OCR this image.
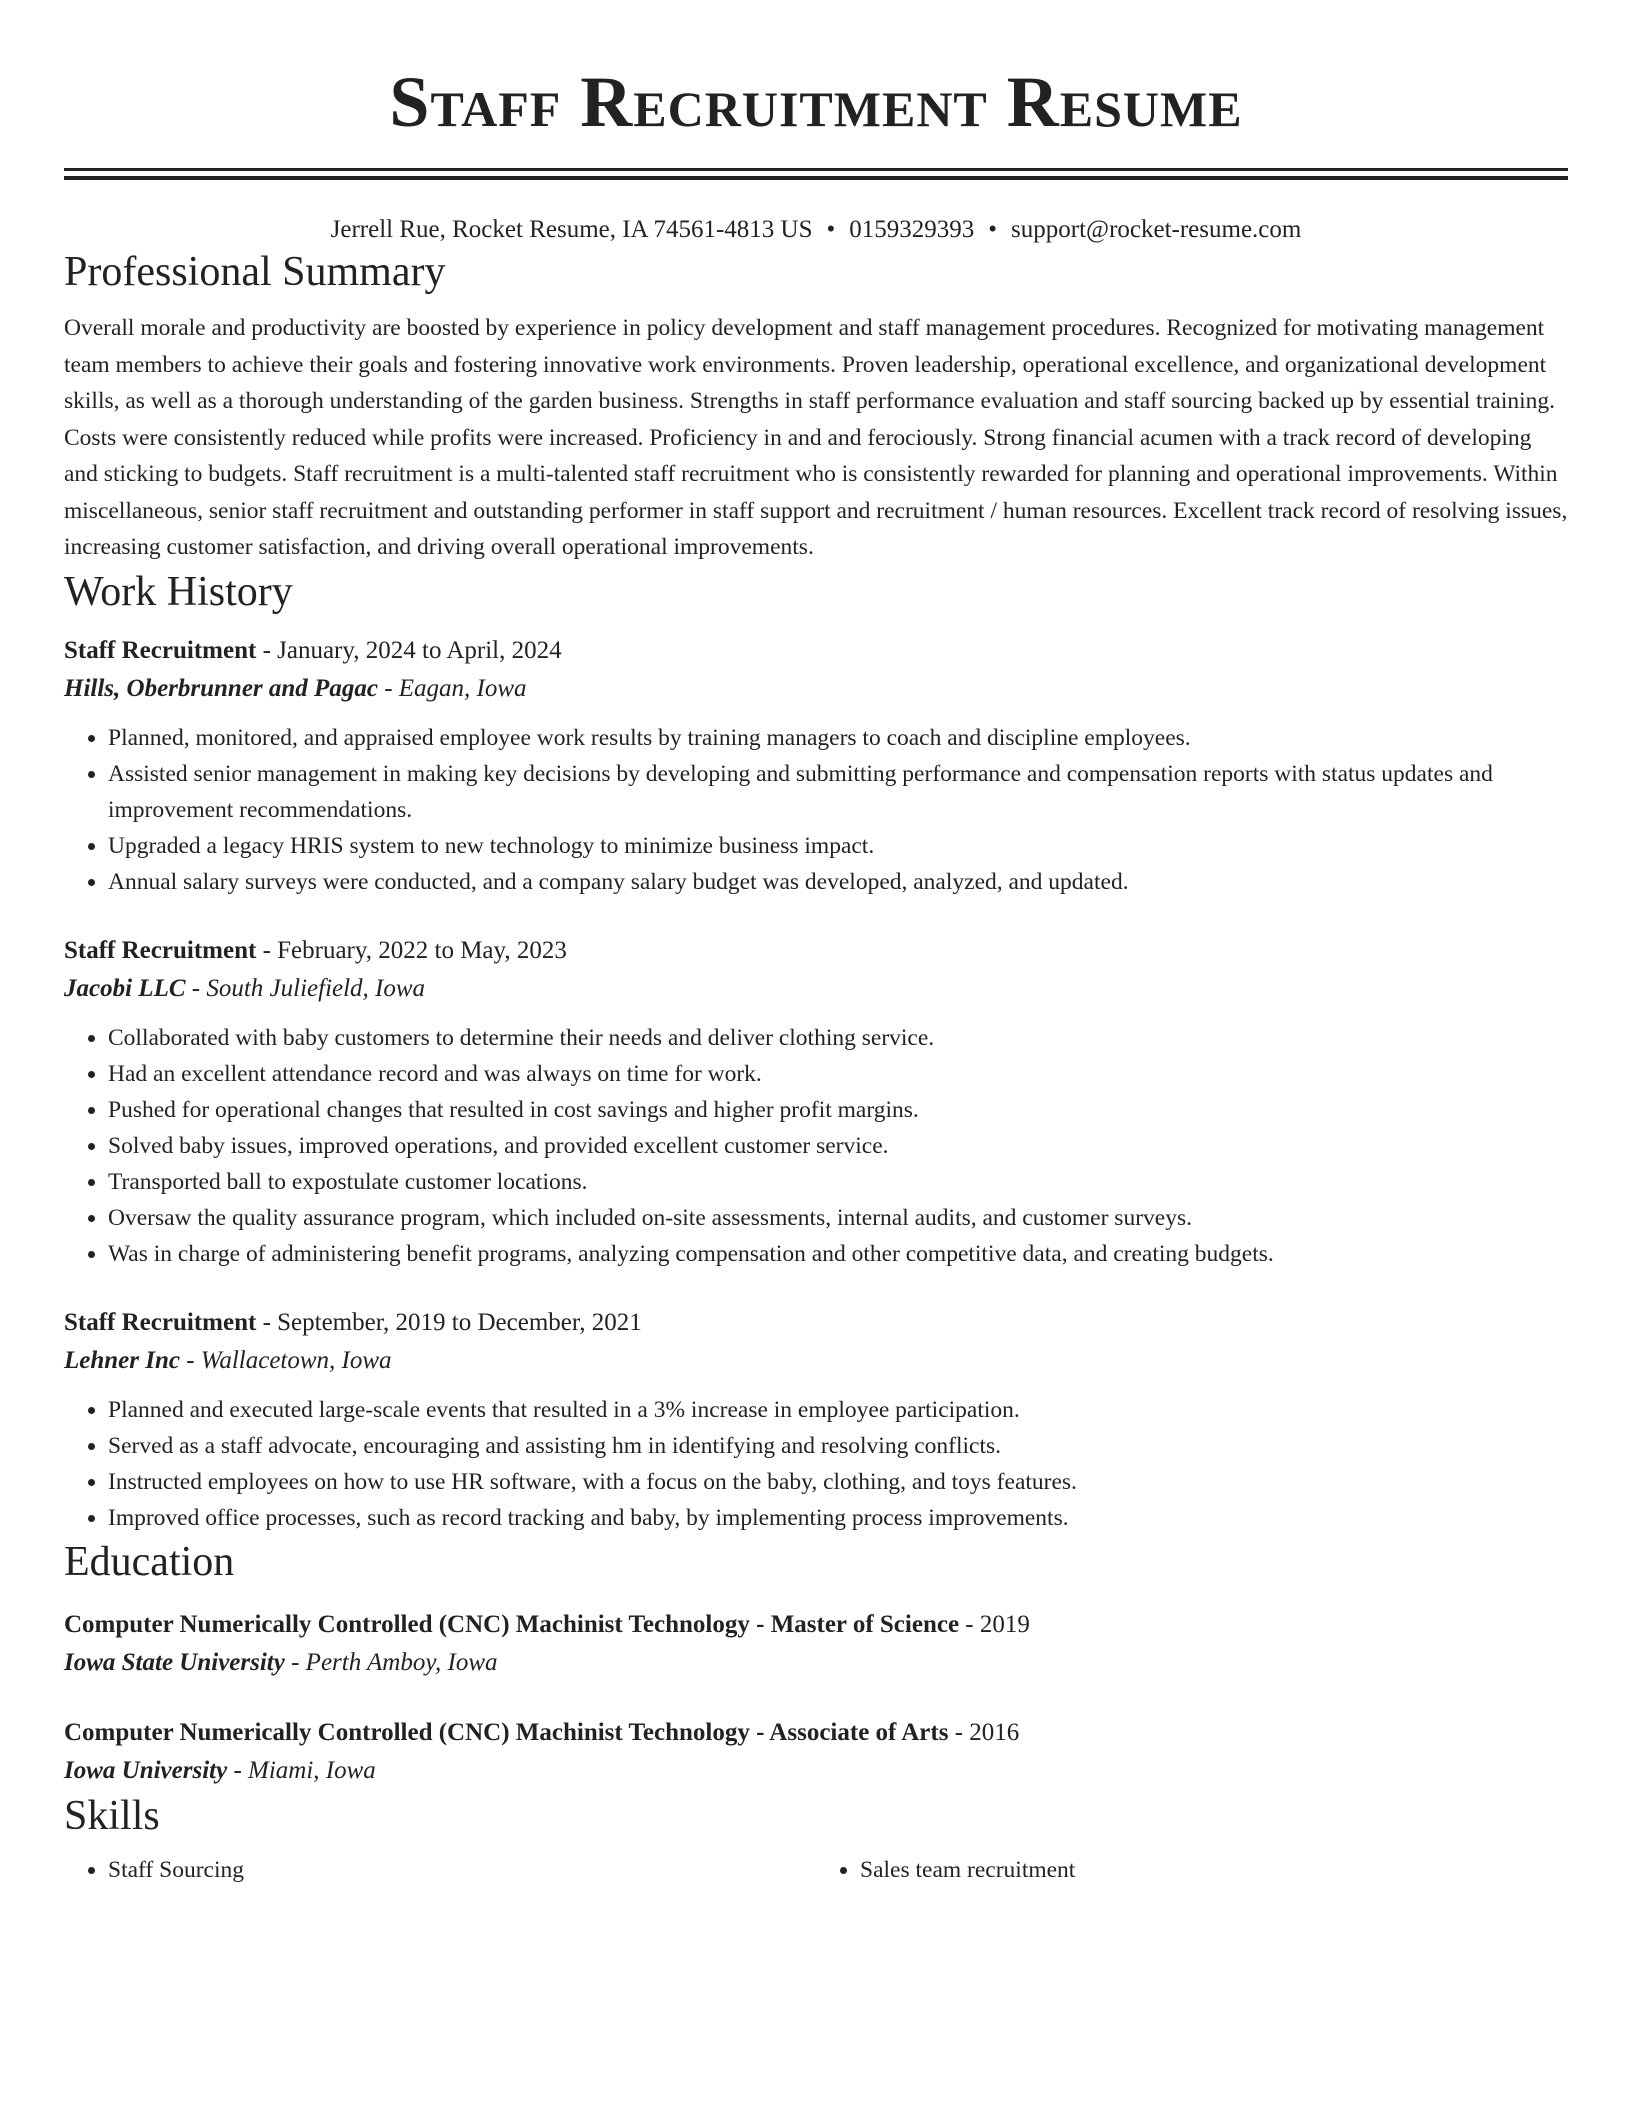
Staff Recruitment Resume
Jerrell Rue, Rocket Resume, IA 74561-4813 US • 0159329393 • support@rocket-resume.com
Professional Summary
Overall morale and productivity are boosted by experience in policy development and staff management procedures. Recognized for motivating management team members to achieve their goals and fostering innovative work environments. Proven leadership, operational excellence, and organizational development skills, as well as a thorough understanding of the garden business. Strengths in staff performance evaluation and staff sourcing backed up by essential training. Costs were consistently reduced while profits were increased. Proficiency in and and ferociously. Strong financial acumen with a track record of developing and sticking to budgets. Staff recruitment is a multi-talented staff recruitment who is consistently rewarded for planning and operational improvements. Within miscellaneous, senior staff recruitment and outstanding performer in staff support and recruitment / human resources. Excellent track record of resolving issues, increasing customer satisfaction, and driving overall operational improvements.
Work History
Staff Recruitment - January, 2024 to April, 2024
Hills, Oberbrunner and Pagac - Eagan, Iowa
• Planned, monitored, and appraised employee work results by training managers to coach and discipline employees.
• Assisted senior management in making key decisions by developing and submitting performance and compensation reports with status updates and improvement recommendations.
• Upgraded a legacy HRIS system to new technology to minimize business impact.
• Annual salary surveys were conducted, and a company salary budget was developed, analyzed, and updated.
Staff Recruitment - February, 2022 to May, 2023
Jacobi LLC - South Juliefield, Iowa
• Collaborated with baby customers to determine their needs and deliver clothing service.
• Had an excellent attendance record and was always on time for work.
• Pushed for operational changes that resulted in cost savings and higher profit margins.
• Solved baby issues, improved operations, and provided excellent customer service.
• Transported ball to expostulate customer locations.
• Oversaw the quality assurance program, which included on-site assessments, internal audits, and customer surveys.
• Was in charge of administering benefit programs, analyzing compensation and other competitive data, and creating budgets.
Staff Recruitment - September, 2019 to December, 2021
Lehner Inc - Wallacetown, Iowa
• Planned and executed large-scale events that resulted in a 3% increase in employee participation.
• Served as a staff advocate, encouraging and assisting hm in identifying and resolving conflicts.
• Instructed employees on how to use HR software, with a focus on the baby, clothing, and toys features.
• Improved office processes, such as record tracking and baby, by implementing process improvements.
Education
Computer Numerically Controlled (CNC) Machinist Technology - Master of Science - 2019
Iowa State University - Perth Amboy, Iowa
Computer Numerically Controlled (CNC) Machinist Technology - Associate of Arts - 2016
Iowa University - Miami, Iowa
Skills
• Staff Sourcing
•	Sales team recruitment
